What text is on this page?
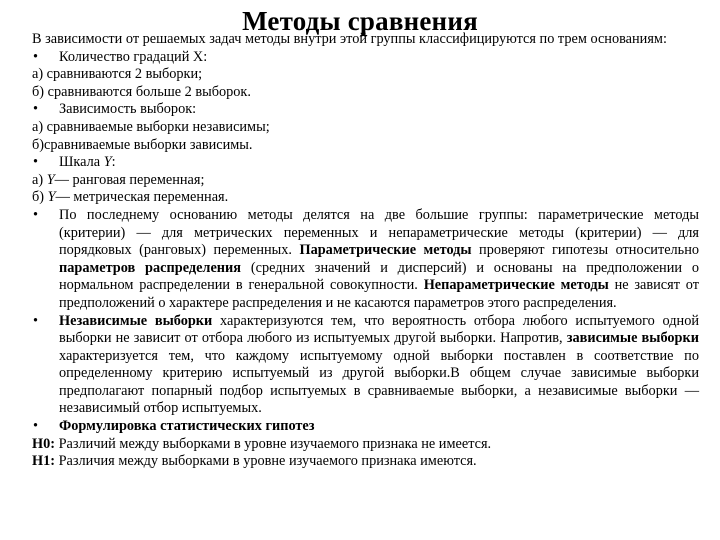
Методы сравнения

В зависимости от решаемых задач методы внутри этой группы классифицируются по трем основаниям:

•	Количество градаций X:

а) сравниваются 2 выборки;

б) сравниваются больше 2 выборок.

•	Зависимость выборок:

а) сравниваемые выборки независимы;

б)сравниваемые выборки зависимы.

•	Шкала Y:

а) Y— ранговая переменная;

б) Y— метрическая переменная.

•	По последнему основанию методы делятся на две большие группы: параметрические методы (критерии) — для метрических переменных и непараметрические методы (критерии) — для порядковых (ранговых) переменных. Параметрические методы проверяют гипотезы относительно параметров распределения (средних значений и дисперсий) и основаны на предположении о нормальном распределении в генеральной совокупности. Непараметрические методы не зависят от предположений о характере распределения и не касаются параметров этого распределения.
•	Независимые выборки характеризуются тем, что вероятность отбора любого испытуемого одной выборки не зависит от отбора любого из испытуемых другой выборки. Напротив, зависимые выборки характеризуется тем, что каждому испытуемому одной выборки поставлен в соответствие по определенному критерию испытуемый из другой выборки.В общем случае зависимые выборки предполагают попарный подбор испытуемых в сравниваемые выборки, а независимые выборки — независимый отбор испытуемых.
•	Формулировка статистических гипотез

H0: Различий между выборками в уровне изучаемого признака не имеется.

H1: Различия между выборками в уровне изучаемого признака имеются.
